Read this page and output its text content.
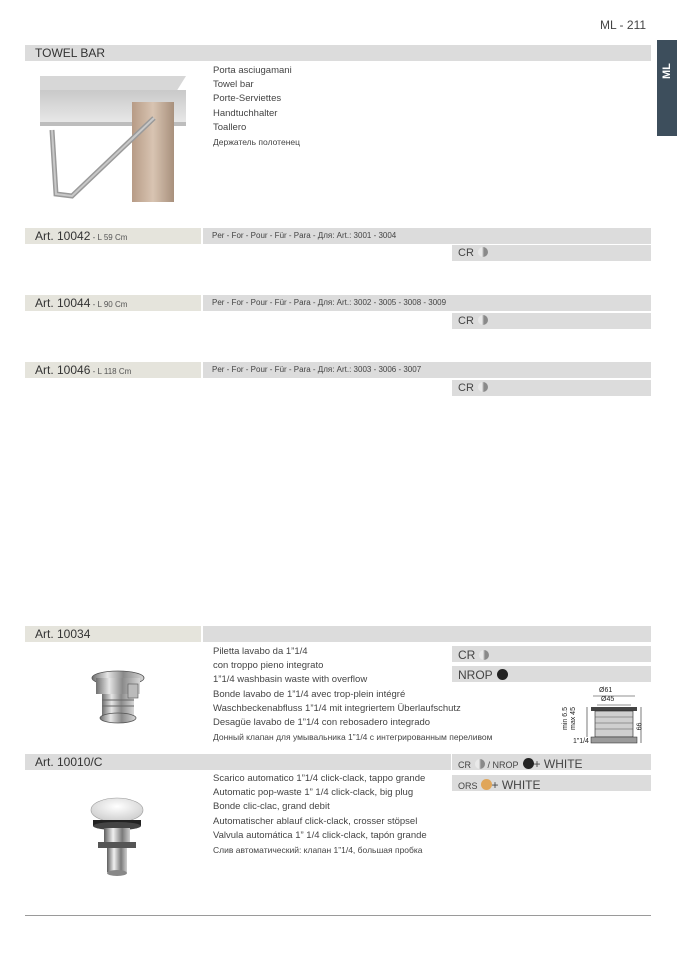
ML - 211
ML
TOWEL BAR
Porta asciugamani
Towel bar
Porte-Serviettes
Handtuchhalter
Toallero
Держатель полотенец
Art. 10042 - L 59 Cm	Per - For - Pour - Für - Para - Для: Art.: 3001 - 3004
CR
Art. 10044 - L 90 Cm	Per - For - Pour - Für - Para - Для: Art.: 3002 - 3005 - 3008 - 3009
CR
Art. 10046 - L 118 Cm	Per - For - Pour - Für - Para - Для: Art.: 3003 - 3006 - 3007
CR
Art. 10034
Piletta lavabo da 1”1/4
con troppo pieno integrato
1”1/4 washbasin waste with overflow
Bonde lavabo de 1”1/4 avec trop-plein intégré
Waschbeckenabfluss 1”1/4 mit integriertem Überlaufschutz
Desagüe lavabo de 1”1/4 con rebosadero integrado
Донный клапан для умывальника 1”1/4 с интегрированным переливом
CR
NROP
Ø61
Ø45
66
min 6.5 max 45
1”1/4
Art. 10010/C	CR / NROP + WHITE
ORS + WHITE
Scarico automatico 1”1/4 click-clack, tappo grande
Automatic pop-waste 1” 1/4 click-clack, big plug
Bonde clic-clac, grand debit
Automatischer ablauf click-clack, crosser stöpsel
Valvula automática 1” 1/4 click-clack, tapón grande
Слив автоматический: клапан 1”1/4, большая пробка
